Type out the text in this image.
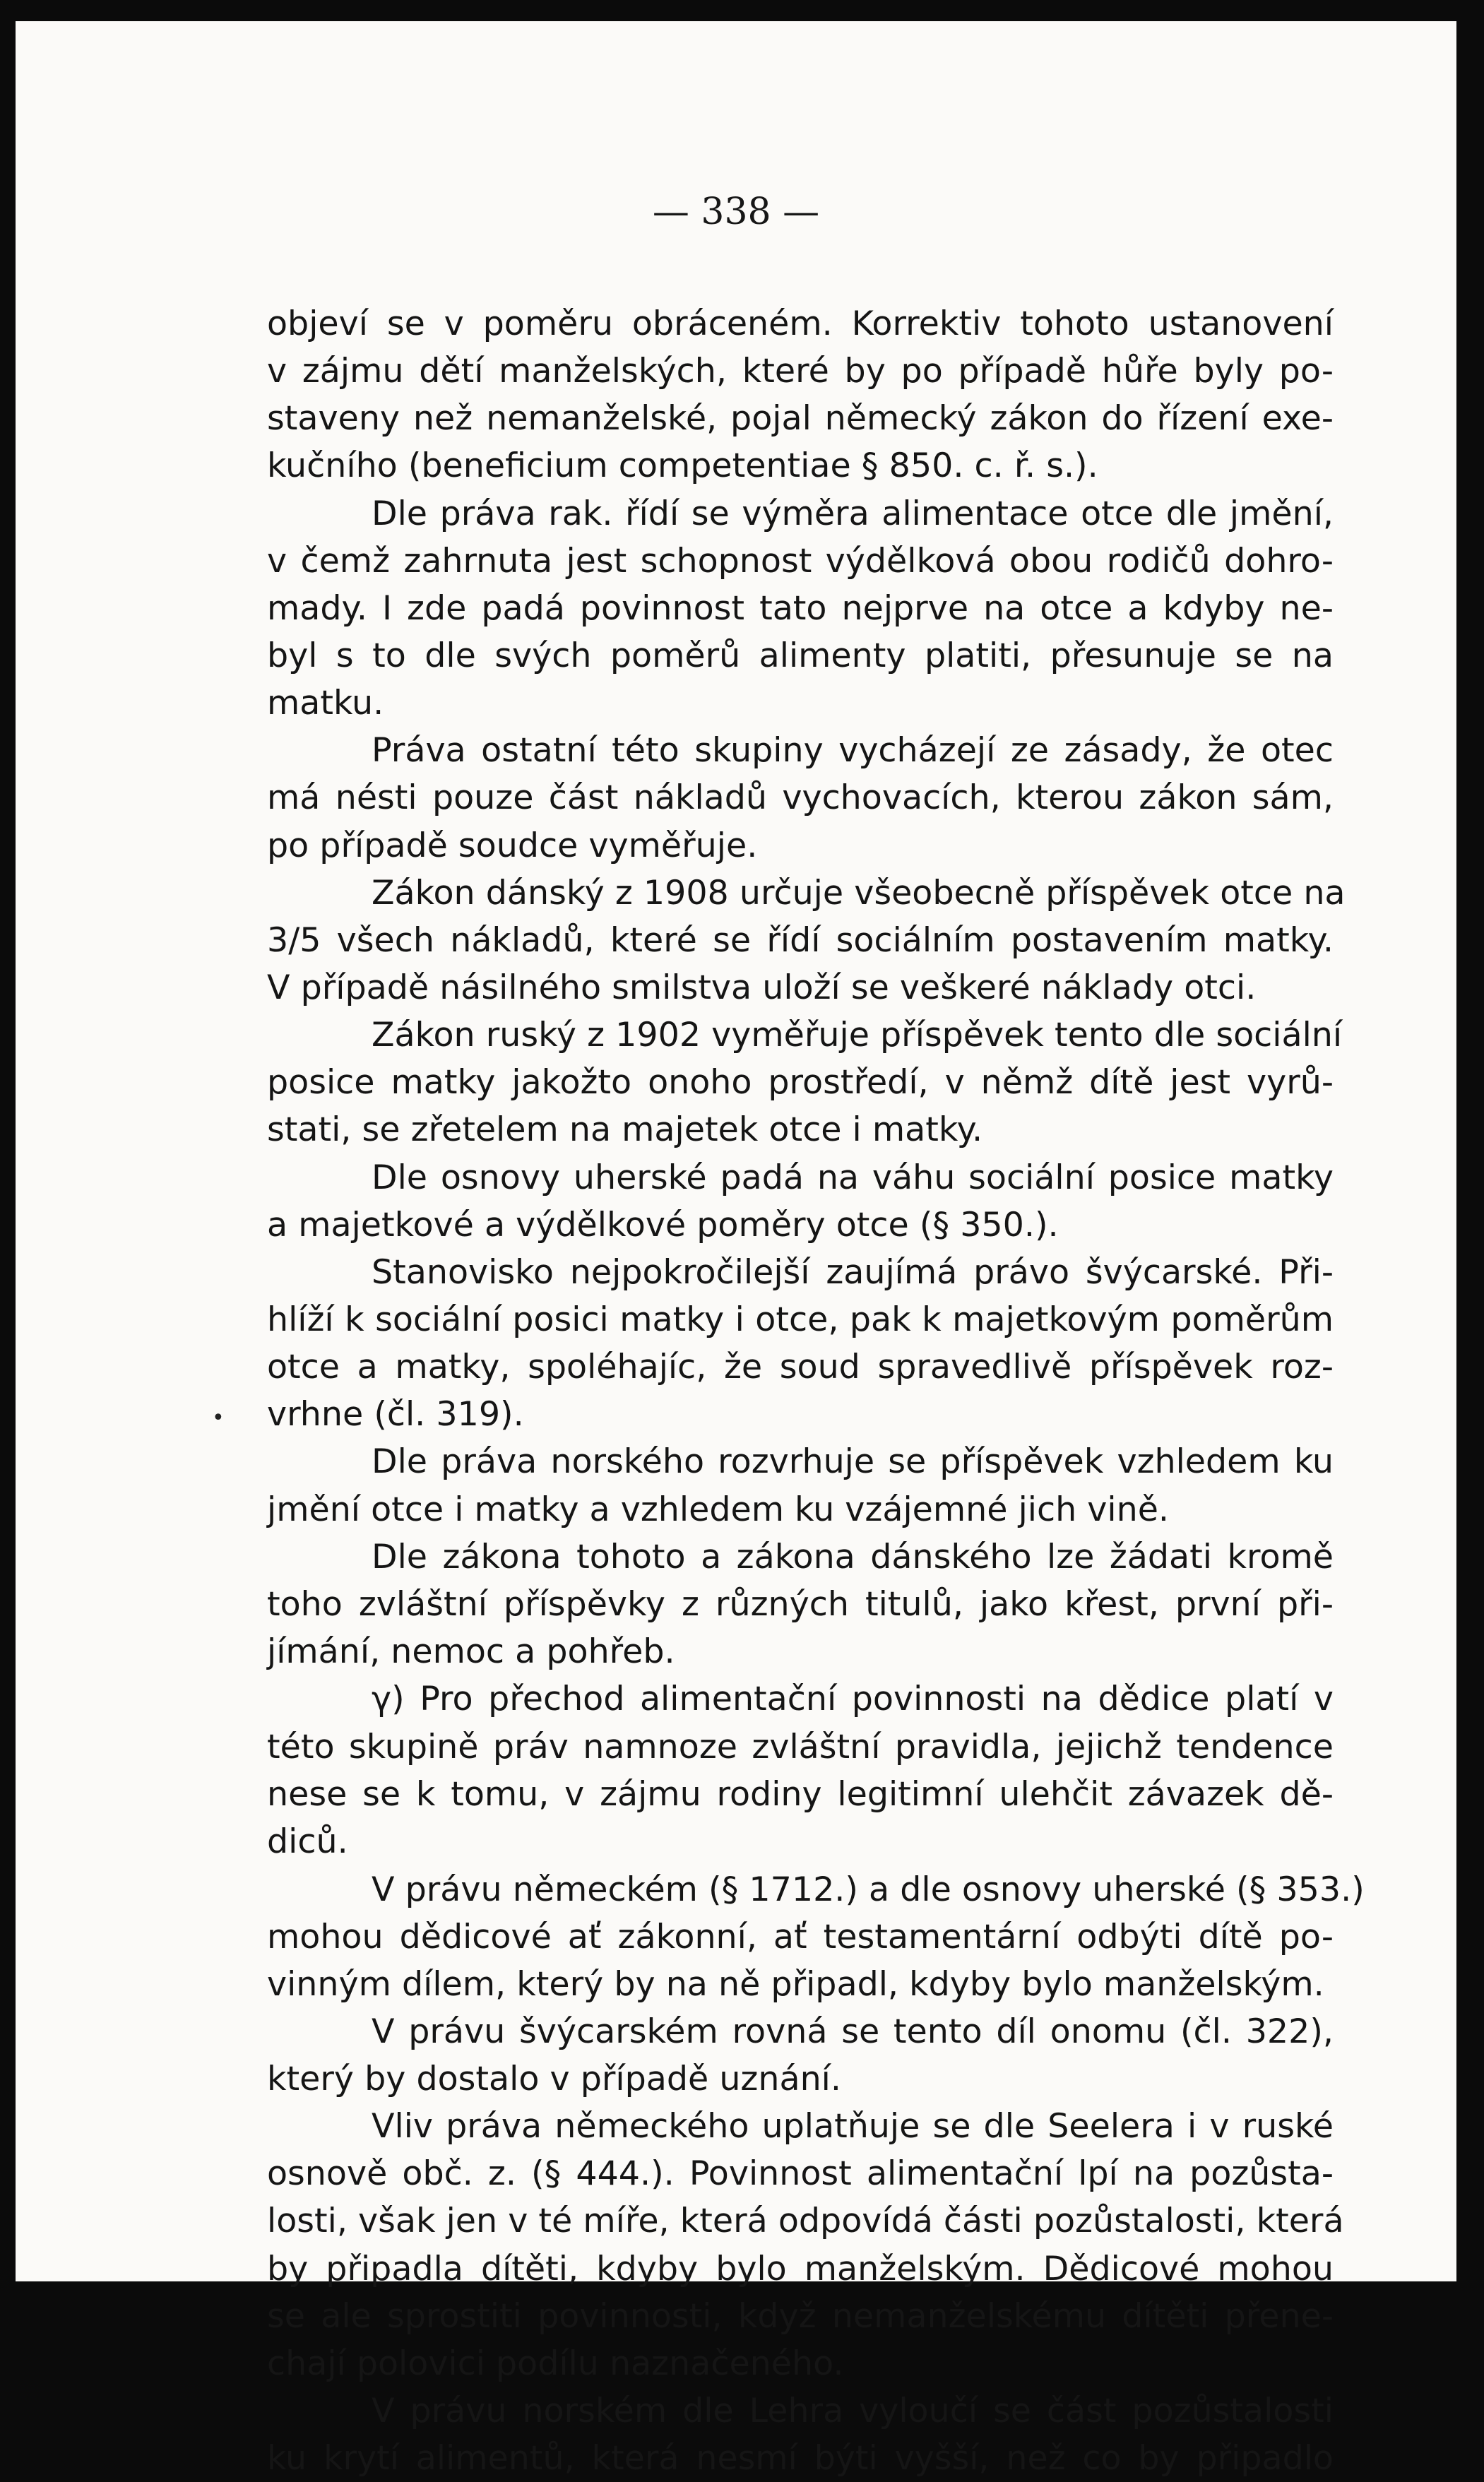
— 338 —
objeví se v poměru obráceném. Korrektiv tohoto ustanovení
v zájmu dětí manželských, které by po případě hůře byly po-
staveny než nemanželské, pojal německý zákon do řízení exe-
kučního (beneficium competentiae § 850. c. ř. s.).
Dle práva rak. řídí se výměra alimentace otce dle jmění,
v čemž zahrnuta jest schopnost výdělková obou rodičů dohro-
mady. I zde padá povinnost tato nejprve na otce a kdyby ne-
byl s to dle svých poměrů alimenty platiti, přesunuje se na
matku.
Práva ostatní této skupiny vycházejí ze zásady, že otec
má nésti pouze část nákladů vychovacích, kterou zákon sám,
po případě soudce vyměřuje.
Zákon dánský z 1908 určuje všeobecně příspěvek otce na
3/5 všech nákladů, které se řídí sociálním postavením matky.
V případě násilného smilstva uloží se veškeré náklady otci.
Zákon ruský z 1902 vyměřuje příspěvek tento dle sociální
posice matky jakožto onoho prostředí, v němž dítě jest vyrů-
stati, se zřetelem na majetek otce i matky.
Dle osnovy uherské padá na váhu sociální posice matky
a majetkové a výdělkové poměry otce (§ 350.).
Stanovisko nejpokročilejší zaujímá právo švýcarské. Při-
hlíží k sociální posici matky i otce, pak k majetkovým poměrům
otce a matky, spoléhajíc, že soud spravedlivě příspěvek roz-
vrhne (čl. 319).
Dle práva norského rozvrhuje se příspěvek vzhledem ku
jmění otce i matky a vzhledem ku vzájemné jich vině.
Dle zákona tohoto a zákona dánského lze žádati kromě
toho zvláštní příspěvky z různých titulů, jako křest, první při-
jímání, nemoc a pohřeb.
γ) Pro přechod alimentační povinnosti na dědice platí v
této skupině práv namnoze zvláštní pravidla, jejichž tendence
nese se k tomu, v zájmu rodiny legitimní ulehčit závazek dě-
diců.
V právu německém (§ 1712.) a dle osnovy uherské (§ 353.)
mohou dědicové ať zákonní, ať testamentární odbýti dítě po-
vinným dílem, který by na ně připadl, kdyby bylo manželským.
V právu švýcarském rovná se tento díl onomu (čl. 322),
který by dostalo v případě uznání.
Vliv práva německého uplatňuje se dle Seelera i v ruské
osnově obč. z. (§ 444.). Povinnost alimentační lpí na pozůsta-
losti, však jen v té míře, která odpovídá části pozůstalosti, která
by připadla dítěti, kdyby bylo manželským. Dědicové mohou
se ale sprostiti povinnosti, když nemanželskému dítěti přene-
chají polovici podílu naznačeného.
V právu norském dle Lehra vyloučí se část pozůstalosti
ku krytí alimentů, která nesmí býti vyšší, než co by připadlo
•
